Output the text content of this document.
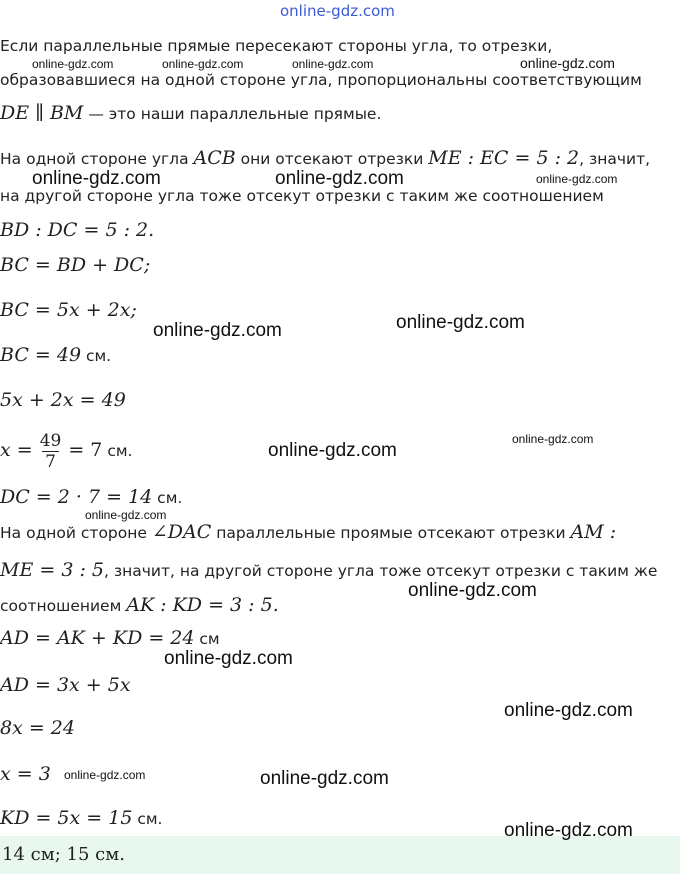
online-gdz.com
Если параллельные прямые пересекают стороны угла, то отрезки,
образовавшиеся на одной стороне угла, пропорциональны соответствующим
DE ∥ BM — это наши параллельные прямые.
На одной стороне угла ACB они отсекают отрезки ME : EC = 5 : 2, значит,
на другой стороне угла тоже отсекут отрезки с таким же соотношением
BD : DC = 5 : 2.
BC = BD + DC;
BC = 5x + 2x;
BC = 49 см.
5x + 2x = 49
$x = \frac{49}{7} = 7$ см.
DC = 2 · 7 = 14 см.
На одной стороне ∠DAC параллельные проямые отсекают отрезки AM :
ME = 3 : 5, значит, на другой стороне угла тоже отсекут отрезки с таким же
соотношением AK : KD = 3 : 5.
AD = AK + KD = 24 см
AD = 3x + 5x
8x = 24
x = 3
KD = 5x = 15 см.
14 см; 15 см.
online-gdz.com	online-gdz.com	online-gdz.com	online-gdz.com
online-gdz.com	online-gdz.com	online-gdz.com
online-gdz.com	online-gdz.com
online-gdz.com
online-gdz.com
online-gdz.com
online-gdz.com
online-gdz.com
online-gdz.com
online-gdz.com	online-gdz.com
online-gdz.com
